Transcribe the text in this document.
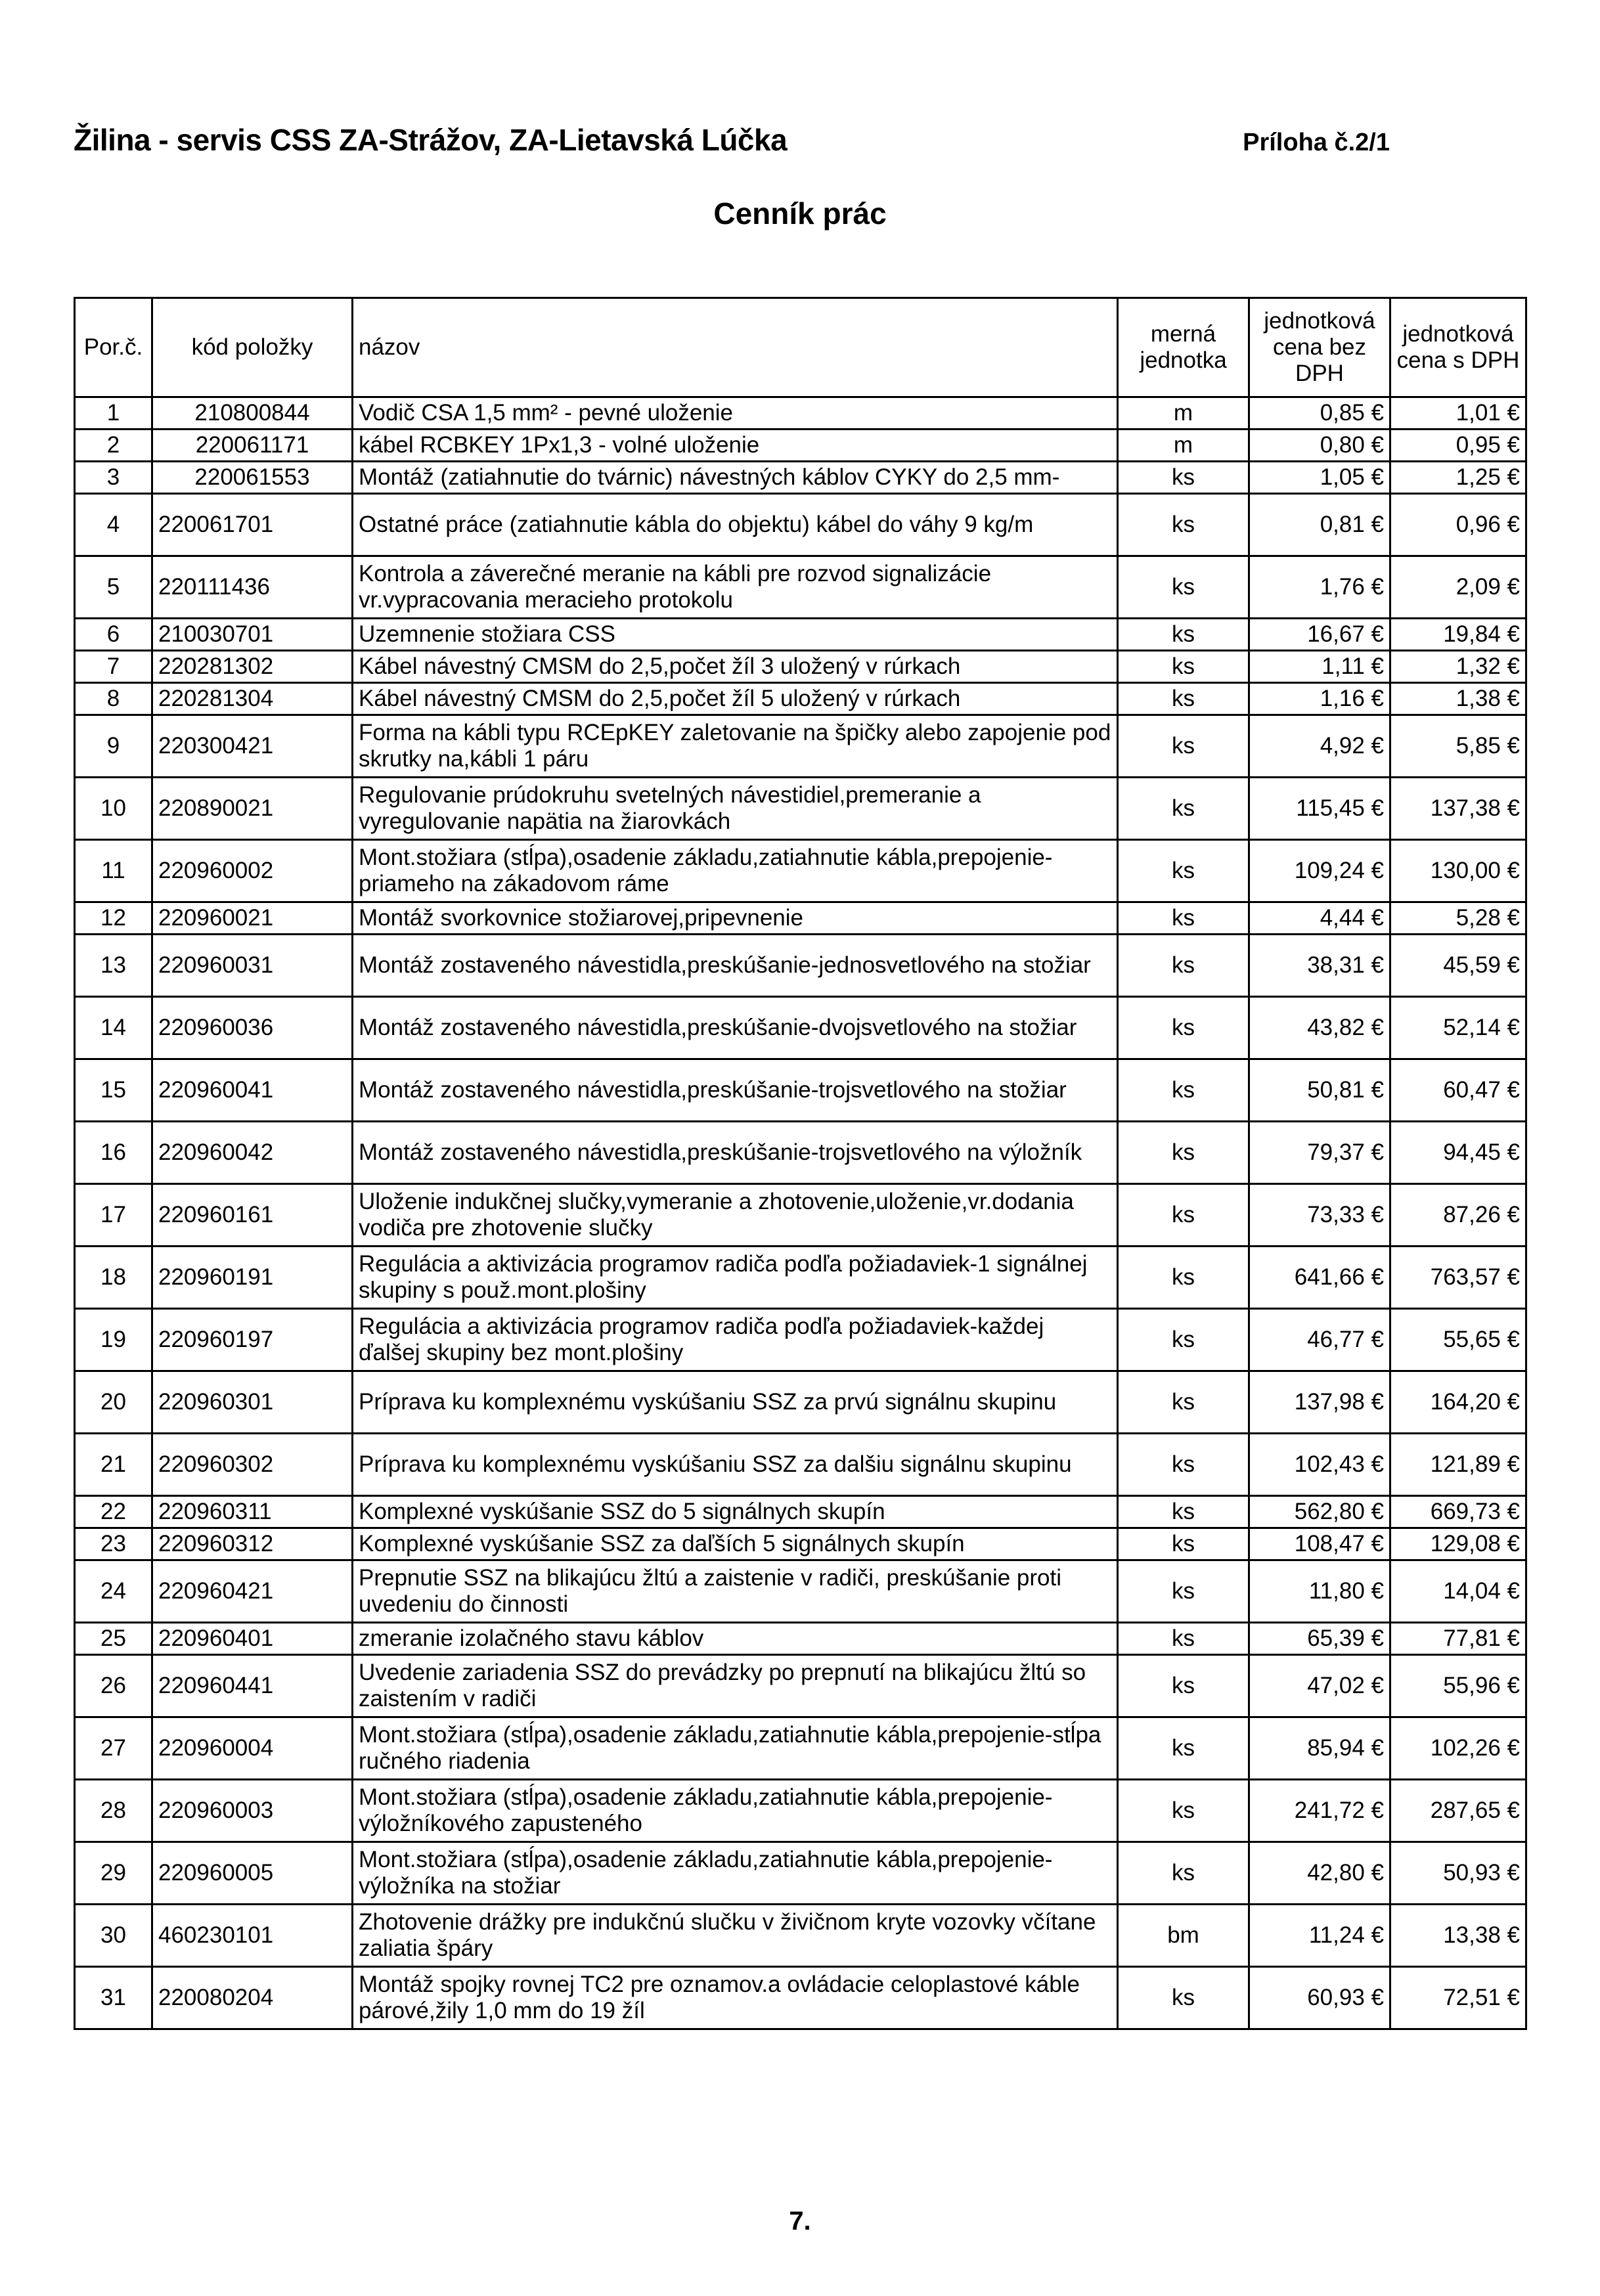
Žilina - servis CSS ZA-Strážov, ZA-Lietavská Lúčka	Príloha č.2/1
Cenník prác
Por.č.	kód položky	názov	merná jednotka	jednotková cena bez DPH	jednotková cena s DPH
1	210800844	Vodič CSA 1,5 mm² - pevné uloženie	m	0,85 €	1,01 €
2	220061171	kábel RCBKEY 1Px1,3 - volné uloženie	m	0,80 €	0,95 €
3	220061553	Montáž (zatiahnutie do tvárnic) návestných káblov CYKY do 2,5 mm-	ks	1,05 €	1,25 €
4	220061701	Ostatné práce (zatiahnutie kábla do objektu) kábel do váhy 9 kg/m	ks	0,81 €	0,96 €
5	220111436	Kontrola a záverečné meranie na kábli pre rozvod signalizácie vr.vypracovania meracieho protokolu	ks	1,76 €	2,09 €
6	210030701	Uzemnenie stožiara CSS	ks	16,67 €	19,84 €
7	220281302	Kábel návestný CMSM do 2,5,počet žíl 3 uložený v rúrkach	ks	1,11 €	1,32 €
8	220281304	Kábel návestný CMSM do 2,5,počet žíl 5 uložený v rúrkach	ks	1,16 €	1,38 €
9	220300421	Forma na kábli typu RCEpKEY zaletovanie na špičky alebo zapojenie pod skrutky na,kábli 1 páru	ks	4,92 €	5,85 €
10	220890021	Regulovanie prúdokruhu svetelných návestidiel,premeranie a vyregulovanie napätia na žiarovkách	ks	115,45 €	137,38 €
11	220960002	Mont.stožiara (stĺpa),osadenie základu,zatiahnutie kábla,prepojenie-priameho na zákadovom ráme	ks	109,24 €	130,00 €
12	220960021	Montáž svorkovnice stožiarovej,pripevnenie	ks	4,44 €	5,28 €
13	220960031	Montáž zostaveného návestidla,preskúšanie-jednosvetlového na stožiar	ks	38,31 €	45,59 €
14	220960036	Montáž zostaveného návestidla,preskúšanie-dvojsvetlového na stožiar	ks	43,82 €	52,14 €
15	220960041	Montáž zostaveného návestidla,preskúšanie-trojsvetlového na stožiar	ks	50,81 €	60,47 €
16	220960042	Montáž zostaveného návestidla,preskúšanie-trojsvetlového na výložník	ks	79,37 €	94,45 €
17	220960161	Uloženie indukčnej slučky,vymeranie a zhotovenie,uloženie,vr.dodania vodiča pre zhotovenie slučky	ks	73,33 €	87,26 €
18	220960191	Regulácia a aktivizácia programov radiča podľa požiadaviek-1 signálnej skupiny s použ.mont.plošiny	ks	641,66 €	763,57 €
19	220960197	Regulácia a aktivizácia programov radiča podľa požiadaviek-každej ďalšej skupiny bez mont.plošiny	ks	46,77 €	55,65 €
20	220960301	Príprava ku komplexnému vyskúšaniu SSZ za prvú signálnu skupinu	ks	137,98 €	164,20 €
21	220960302	Príprava ku komplexnému vyskúšaniu SSZ za dalšiu signálnu skupinu	ks	102,43 €	121,89 €
22	220960311	Komplexné vyskúšanie SSZ do 5 signálnych skupín	ks	562,80 €	669,73 €
23	220960312	Komplexné vyskúšanie SSZ za daľších 5 signálnych skupín	ks	108,47 €	129,08 €
24	220960421	Prepnutie SSZ na blikajúcu žltú a zaistenie v radiči, preskúšanie proti uvedeniu do činnosti	ks	11,80 €	14,04 €
25	220960401	zmeranie izolačného stavu káblov	ks	65,39 €	77,81 €
26	220960441	Uvedenie zariadenia SSZ do prevádzky po prepnutí na blikajúcu žltú so zaistením v radiči	ks	47,02 €	55,96 €
27	220960004	Mont.stožiara (stĺpa),osadenie základu,zatiahnutie kábla,prepojenie-stĺpa ručného riadenia	ks	85,94 €	102,26 €
28	220960003	Mont.stožiara (stĺpa),osadenie základu,zatiahnutie kábla,prepojenie-výložníkového zapusteného	ks	241,72 €	287,65 €
29	220960005	Mont.stožiara (stĺpa),osadenie základu,zatiahnutie kábla,prepojenie-výložníka na stožiar	ks	42,80 €	50,93 €
30	460230101	Zhotovenie drážky pre indukčnú slučku v živičnom kryte vozovky včítane zaliatia špáry	bm	11,24 €	13,38 €
31	220080204	Montáž spojky rovnej TC2 pre oznamov.a ovládacie celoplastové káble párové,žily 1,0 mm do 19 žíl	ks	60,93 €	72,51 €
7.
